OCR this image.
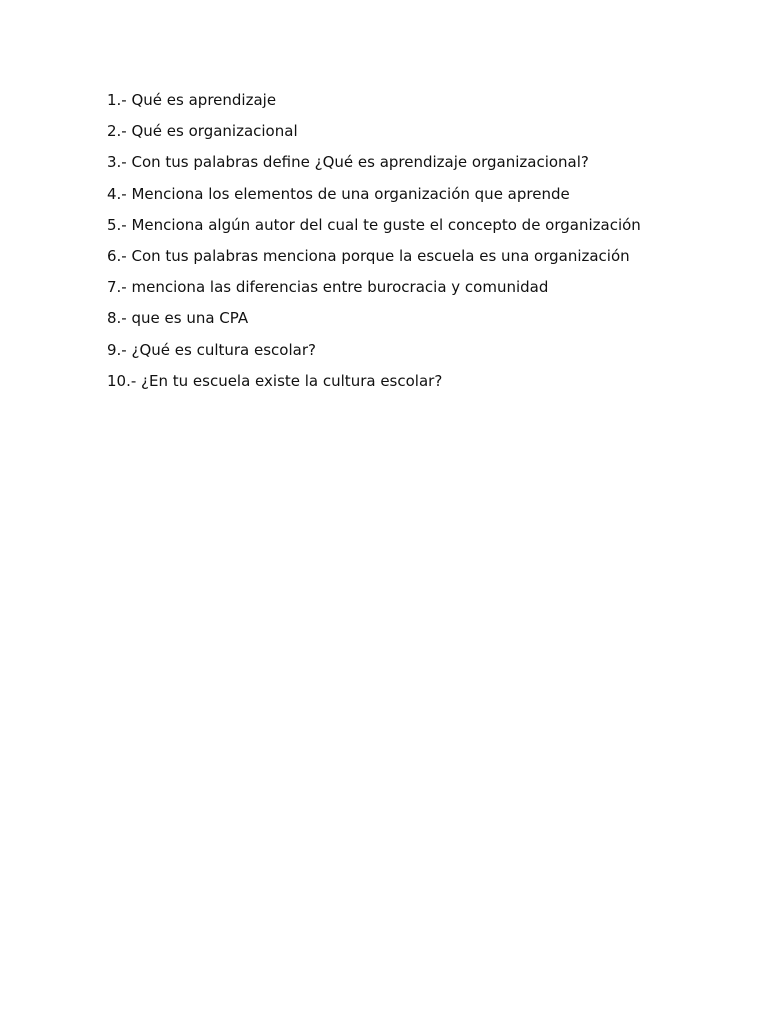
1.- Qué es aprendizaje
2.- Qué es organizacional
3.- Con tus palabras define ¿Qué es aprendizaje organizacional?
4.- Menciona los elementos de una organización que aprende
5.- Menciona algún autor del cual te guste el concepto de organización
6.- Con tus palabras menciona porque la escuela es una organización
7.- menciona las diferencias entre burocracia y comunidad
8.- que es una CPA
9.- ¿Qué es cultura escolar?
10.- ¿En tu escuela existe la cultura escolar?
